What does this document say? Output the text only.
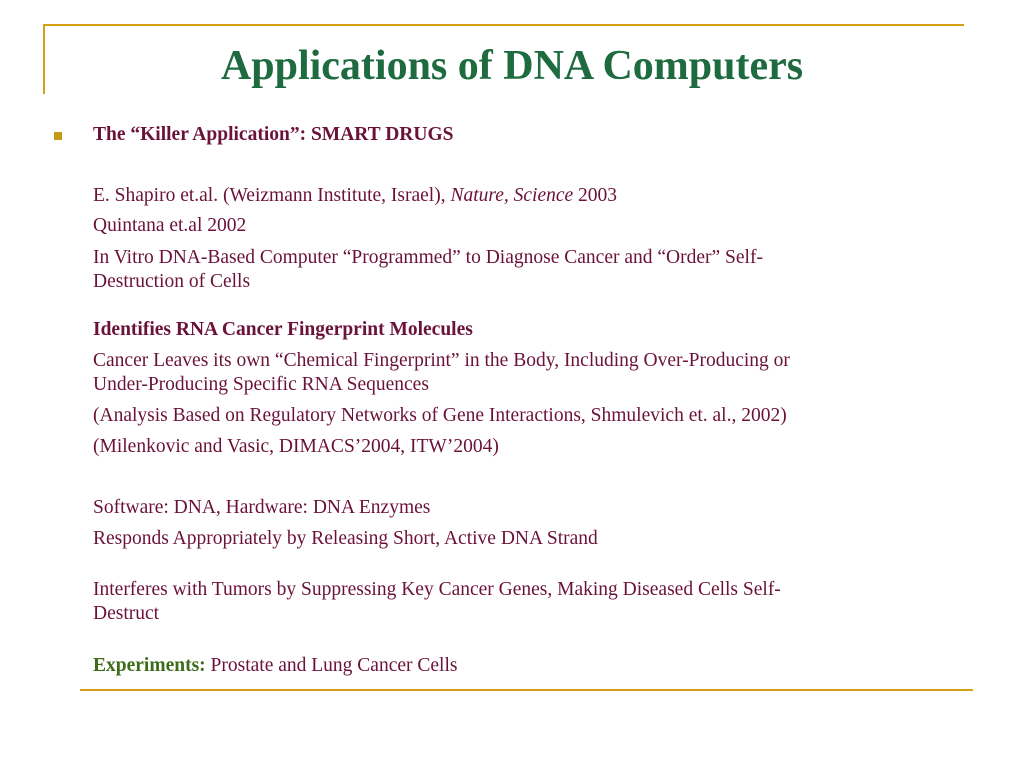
Applications of DNA Computers
The “Killer Application”: SMART DRUGS
E. Shapiro et.al. (Weizmann Institute, Israel), Nature, Science 2003
Quintana et.al 2002
In Vitro DNA-Based Computer “Programmed” to Diagnose Cancer and “Order” Self-
Destruction of Cells
Identifies RNA Cancer Fingerprint Molecules
Cancer Leaves its own “Chemical Fingerprint” in the Body, Including Over-Producing or
Under-Producing Specific RNA Sequences
(Analysis Based on Regulatory Networks of Gene Interactions, Shmulevich et. al., 2002)
(Milenkovic and Vasic, DIMACS’2004, ITW’2004)
Software: DNA, Hardware: DNA Enzymes
Responds Appropriately by Releasing Short, Active DNA Strand
Interferes with Tumors by Suppressing Key Cancer Genes, Making Diseased Cells Self-
Destruct
Experiments: Prostate and Lung Cancer Cells
